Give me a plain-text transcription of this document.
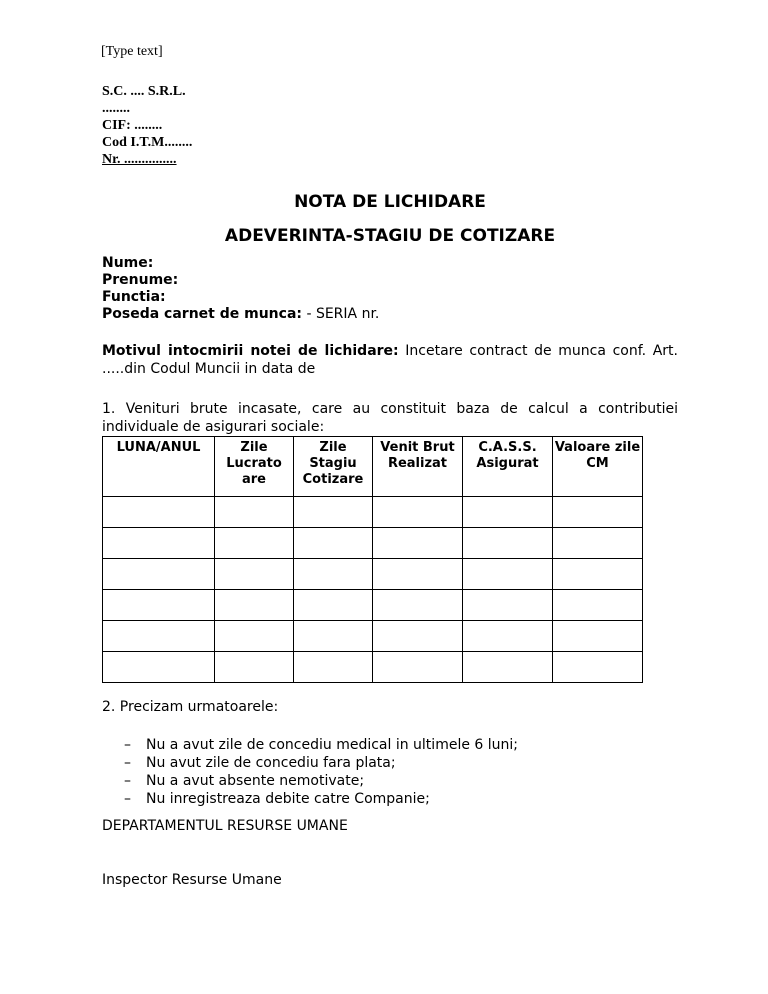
[Type text]
S.C. .... S.R.L.
........
CIF: ........
Cod I.T.M........
Nr. ...............
NOTA DE LICHIDARE
ADEVERINTA-STAGIU DE COTIZARE
Nume:
Prenume:
Functia:
Poseda carnet de munca: - SERIA nr.
Motivul intocmirii notei de lichidare: Incetare contract de munca conf. Art. .....din Codul Muncii in data de
1. Venituri brute incasate, care au constituit baza de calcul a contributiei individuale de asigurari sociale:
LUNA/ANUL	Zile Lucrato are	Zile Stagiu Cotizare	Venit Brut Realizat	C.A.S.S. Asigurat	Valoare zile CM

2. Precizam urmatoarele:
– Nu a avut zile de concediu medical in ultimele 6 luni;
– Nu avut zile de concediu fara plata;
– Nu a avut absente nemotivate;
– Nu inregistreaza debite catre Companie;
DEPARTAMENTUL RESURSE UMANE
Inspector Resurse Umane
